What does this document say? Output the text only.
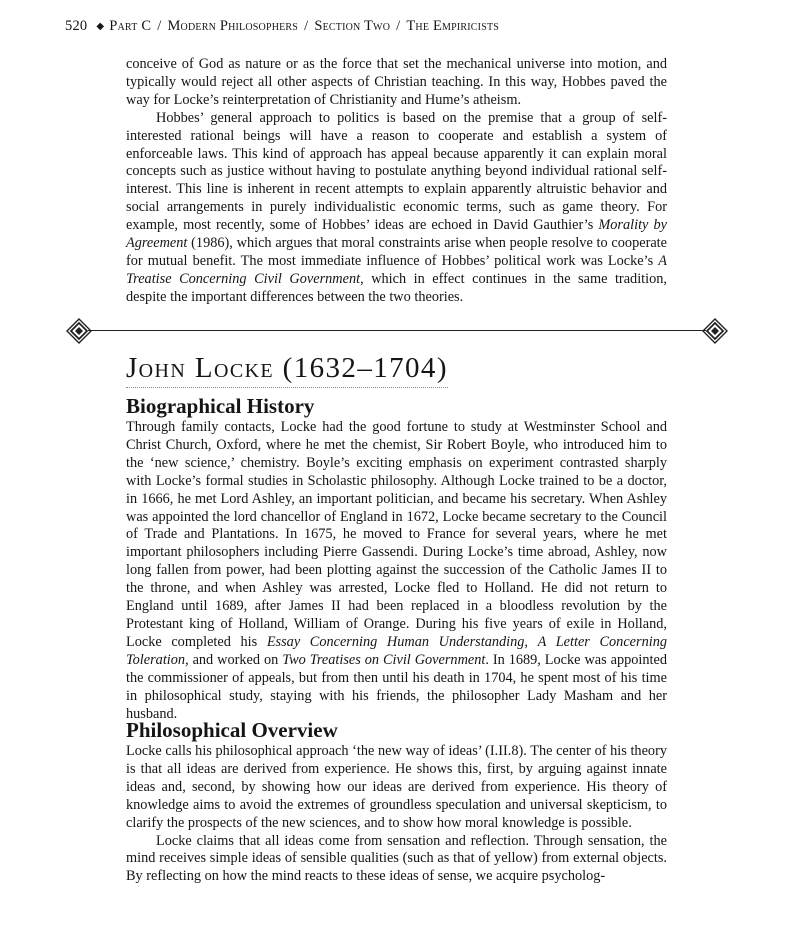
520 ◆ Part C / Modern Philosophers / Section Two / The Empiricists

conceive of God as nature or as the force that set the mechanical universe into motion, and typically would reject all other aspects of Christian teaching. In this way, Hobbes paved the way for Locke’s reinterpretation of Christianity and Hume’s atheism.

Hobbes’ general approach to politics is based on the premise that a group of self-interested rational beings will have a reason to cooperate and establish a system of enforceable laws. This kind of approach has appeal because apparently it can explain moral concepts such as justice without having to postulate anything beyond individual rational self-interest. This line is inherent in recent attempts to explain apparently altruistic behavior and social arrangements in purely individualistic economic terms, such as game theory. For example, most recently, some of Hobbes’ ideas are echoed in David Gauthier’s Morality by Agreement (1986), which argues that moral constraints arise when people resolve to cooperate for mutual benefit. The most immediate influence of Hobbes’ political work was Locke’s A Treatise Concerning Civil Government, which in effect continues in the same tradition, despite the important differences between the two theories.

John Locke (1632–1704)
Biographical History

Through family contacts, Locke had the good fortune to study at Westminster School and Christ Church, Oxford, where he met the chemist, Sir Robert Boyle, who introduced him to the ‘new science,’ chemistry. Boyle’s exciting emphasis on experiment contrasted sharply with Locke’s formal studies in Scholastic philosophy. Although Locke trained to be a doctor, in 1666, he met Lord Ashley, an important politician, and became his secretary. When Ashley was appointed the lord chancellor of England in 1672, Locke became secretary to the Council of Trade and Plantations. In 1675, he moved to France for several years, where he met important philosophers including Pierre Gassendi. During Locke’s time abroad, Ashley, now long fallen from power, had been plotting against the succession of the Catholic James II to the throne, and when Ashley was arrested, Locke fled to Holland. He did not return to England until 1689, after James II had been replaced in a bloodless revolution by the Protestant king of Holland, William of Orange. During his five years of exile in Holland, Locke completed his Essay Concerning Human Understanding, A Letter Concerning Toleration, and worked on Two Treatises on Civil Government. In 1689, Locke was appointed the commissioner of appeals, but from then until his death in 1704, he spent most of his time in philosophical study, staying with his friends, the philosopher Lady Masham and her husband.

Philosophical Overview

Locke calls his philosophical approach ‘the new way of ideas’ (I.II.8). The center of his theory is that all ideas are derived from experience. He shows this, first, by arguing against innate ideas and, second, by showing how our ideas are derived from experience. His theory of knowledge aims to avoid the extremes of groundless speculation and universal skepticism, to clarify the prospects of the new sciences, and to show how moral knowledge is possible.

Locke claims that all ideas come from sensation and reflection. Through sensation, the mind receives simple ideas of sensible qualities (such as that of yellow) from external objects. By reflecting on how the mind reacts to these ideas of sense, we acquire psycholog-
